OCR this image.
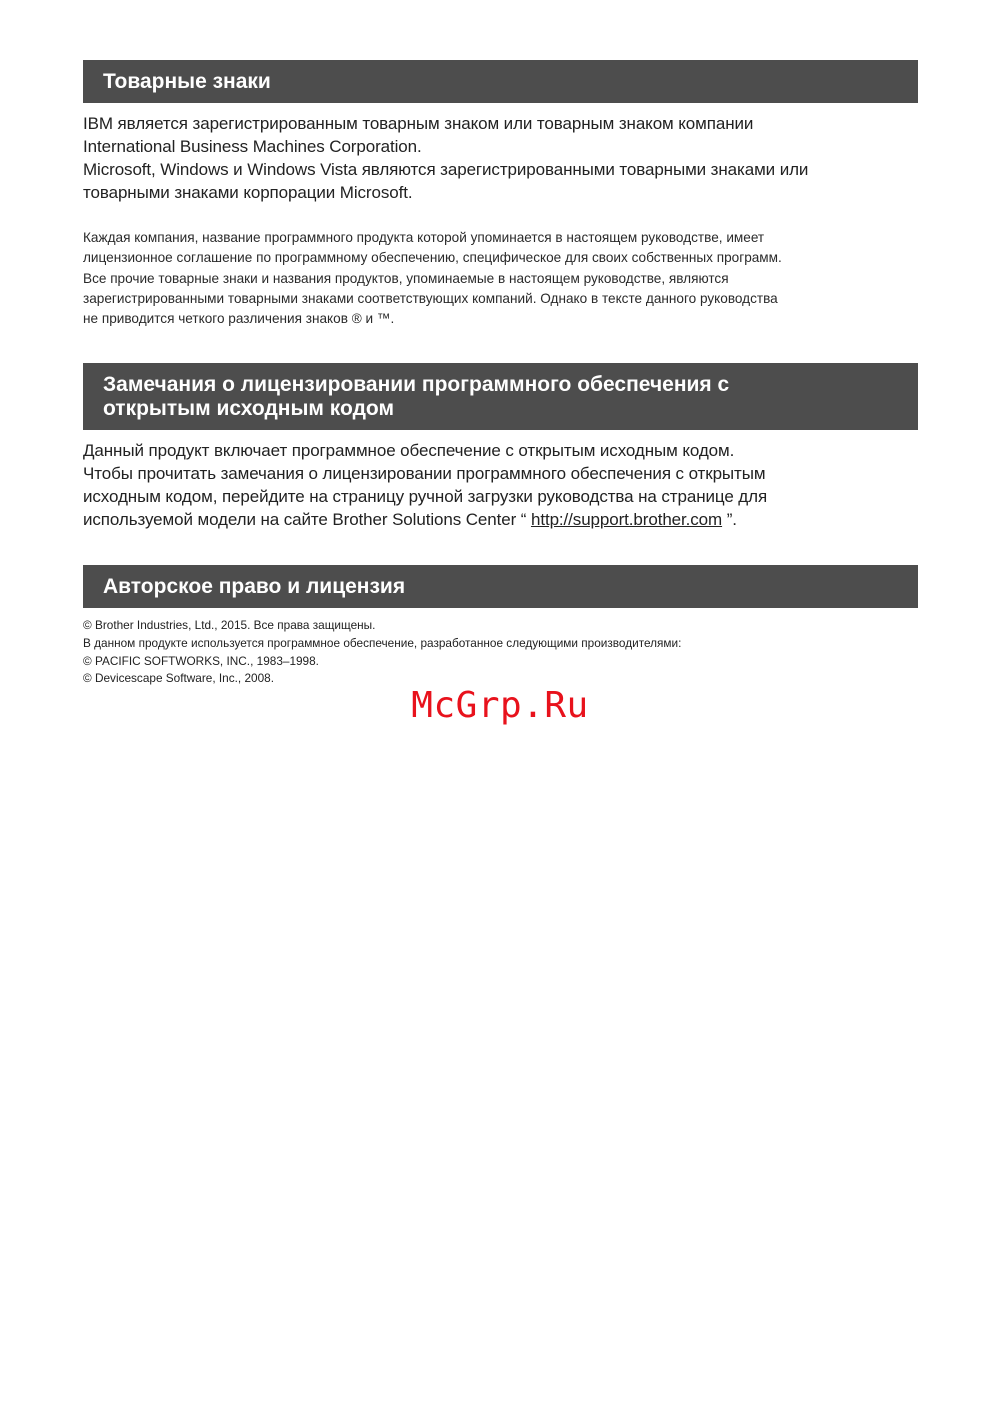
Товарные знаки
IBM является зарегистрированным товарным знаком или товарным знаком компании
International Business Machines Corporation.
Microsoft, Windows и Windows Vista являются зарегистрированными товарными знаками или
товарными знаками корпорации Microsoft.
Каждая компания, название программного продукта которой упоминается в настоящем руководстве, имеет
лицензионное соглашение по программному обеспечению, специфическое для своих собственных программ.
Все прочие товарные знаки и названия продуктов, упоминаемые в настоящем руководстве, являются
зарегистрированными товарными знаками соответствующих компаний. Однако в тексте данного руководства
не приводится четкого различения знаков ® и ™.
Замечания о лицензировании программного обеспечения с
открытым исходным кодом
Данный продукт включает программное обеспечение с открытым исходным кодом.
Чтобы прочитать замечания о лицензировании программного обеспечения с открытым
исходным кодом, перейдите на страницу ручной загрузки руководства на странице для
используемой модели на сайте Brother Solutions Center “ http://support.brother.com ”.
Авторское право и лицензия
© Brother Industries, Ltd., 2015. Все права защищены.
В данном продукте используется программное обеспечение, разработанное следующими производителями:
© PACIFIC SOFTWORKS, INC., 1983–1998.
© Devicescape Software, Inc., 2008.
McGrp.Ru
